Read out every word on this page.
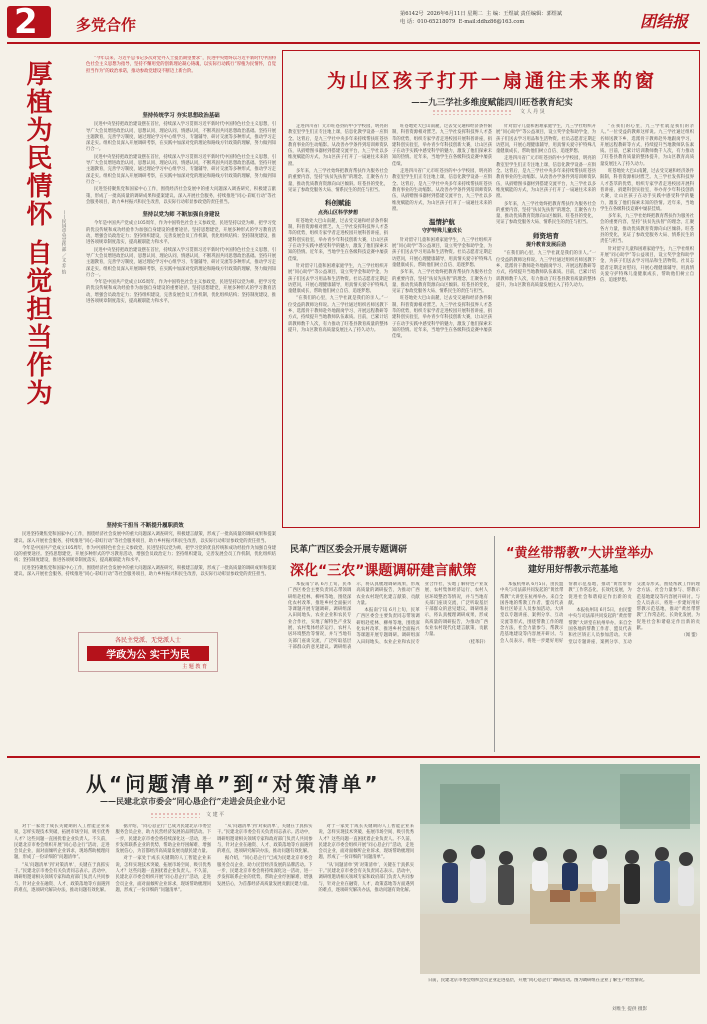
2	多党合作
第6142号 2026年6月11日 星期二 主 编：王煜斌 责任编辑：郭煜斌
电 话：010-65218079 E-mail:ddhz86@163.com	团结报
厚植为民情怀 自觉担当作为	——民进中央宣传部 ／文 乔 怡

“今年以来，习近平总书记多次对党外人士提出期望要求”，民进中央始终以习近平新时代中国特色社会主义思想为指导，坚持不懈用党的创新理论凝心铸魂，以实际行动践行“厚植为民情怀，自觉担当作为”的政治承诺，推动参政党建设不断迈上新台阶。

坚持传统学习 夯实思想政治基础

民进中央坚持把政治建设摆在首位，持续深入学习贯彻习近平新时代中国特色社会主义思想，引导广大会员增进政治认同、思想认同、理论认同、情感认同，不断巩固共同思想政治基础。坚持开展主题教育，完善学习制度，通过理论学习中心组学习、专题辅导、研讨交流等多种形式，推动学习走深走实。组织会员深入开展调研考察，在实践中加深对党的理论和路线方针政策的理解，努力做到知行合一。

民进中央坚持把政治建设摆在首位，持续深入学习贯彻习近平新时代中国特色社会主义思想，引导广大会员增进政治认同、思想认同、理论认同、情感认同，不断巩固共同思想政治基础。坚持开展主题教育，完善学习制度，通过理论学习中心组学习、专题辅导、研讨交流等多种形式，推动学习走深走实。组织会员深入开展调研考察，在实践中加深对党的理论和路线方针政策的理解，努力做到知行合一。

民进坚持聚焦党和国家中心工作，围绕经济社会发展中的重大问题深入调查研究，积极建言献策，形成了一批高质量的调研成果和提案建议。深入开展社会服务，持续推进“同心·彩虹行动”等社会服务项目，助力乡村振兴和民生改善，以实际行动彰显参政党的责任担当。

坚持以党为师 不断加强自身建设

今年是中国共产党成立105周年，作为中国特色社会主义参政党，民进坚持以党为师，把学习党的优良传统和成功经验作为加强自身建设的重要途径。坚持思想建党，开展多种形式的学习教育活动，增强会员政治定力；坚持组织建设，完善发展会员工作机制，优化组织结构；坚持制度建设，推进各项规章制度落实，提高履职能力和水平。

民进中央坚持把政治建设摆在首位，持续深入学习贯彻习近平新时代中国特色社会主义思想，引导广大会员增进政治认同、思想认同、理论认同、情感认同，不断巩固共同思想政治基础。坚持开展主题教育，完善学习制度，通过理论学习中心组学习、专题辅导、研讨交流等多种形式，推动学习走深走实。组织会员深入开展调研考察，在实践中加深对党的理论和路线方针政策的理解，努力做到知行合一。

今年是中国共产党成立105周年，作为中国特色社会主义参政党，民进坚持以党为师，把学习党的优良传统和成功经验作为加强自身建设的重要途径。坚持思想建党，开展多种形式的学习教育活动，增强会员政治定力；坚持组织建设，完善发展会员工作机制，优化组织结构；坚持制度建设，推进各项规章制度落实，提高履职能力和水平。

坚持实干担当 不断提升履职质效

民进坚持聚焦党和国家中心工作，围绕经济社会发展中的重大问题深入调查研究，积极建言献策，形成了一批高质量的调研成果和提案建议。深入开展社会服务，持续推进“同心·彩虹行动”等社会服务项目，助力乡村振兴和民生改善，以实际行动彰显参政党的责任担当。

今年是中国共产党成立105周年，作为中国特色社会主义参政党，民进坚持以党为师，把学习党的优良传统和成功经验作为加强自身建设的重要途径。坚持思想建党，开展多种形式的学习教育活动，增强会员政治定力；坚持组织建设，完善发展会员工作机制，优化组织结构；坚持制度建设，推进各项规章制度落实，提高履职能力和水平。

民进坚持聚焦党和国家中心工作，围绕经济社会发展中的重大问题深入调查研究，积极建言献策，形成了一批高质量的调研成果和提案建议。深入开展社会服务，持续推进“同心·彩虹行动”等社会服务项目，助力乡村振兴和民生改善，以实际行动彰显参政党的责任担当。

各民主党派、无党派人士
学政为公 实干为民
主 题 教 育
为山区孩子打开一扇通往未来的窗
——九三学社多维度赋能四川旺苍教育纪实
文 人 丹 炅

走进四川省广元市旺苍县的中小学校园，明亮的教室里学生们正专注地上课，信息化教学设备一应俱全。这背后，是九三学社中央多年来持续帮扶旺苍县教育事业的生动缩影。从改善办学条件到培训师资队伍，从捐赠图书器材到搭建交流平台，九三学社以多维度赋能的方式，为山区孩子打开了一扇通往未来的窗。

多年来，九三学社始终把教育帮扶作为服务社会的重要内容，坚持“扶贫先扶智”的理念，汇聚各方力量，推动优质教育资源向山区倾斜。旺苍县的变化，见证了参政党服务大局、情系民生的责任与担当。

科创赋能
点亮山区科学梦想

旺苍地处大巴山南麓，过去受交通和经济条件限制，科普资源相对匮乏。九三学社发挥科技界人才荟萃的优势，组织专家学者走进校园开展科普讲座，捐建科创实验室，举办青少年科技创新大赛，让山区孩子在动手实践中感受科学的魅力，激发了他们探索未知的热情。近年来，当地学生在各级科技竞赛中屡获佳绩。

针对留守儿童和困难家庭学生，九三学社组织开展“同心助学”等公益项目，设立奖学金和助学金，为孩子们送去学习用品和生活物资。社员志愿者定期走访慰问，开展心理健康辅导，用真情关爱守护特殊儿童健康成长，帮助他们树立自信、追逐梦想。

“在我们的心里，九三学社就是我们的亲人。”一位受益的教师这样说。九三学社通过组织名师送教下乡、选派骨干教师赴外地跟岗学习、开展远程教研等方式，持续提升当地教师队伍素质。目前，已累计培训教师数千人次，有力推动了旺苍县教育质量的整体提升，为山区教育高质量发展注入了持久动力。

旺苍地处大巴山南麓，过去受交通和经济条件限制，科普资源相对匮乏。九三学社发挥科技界人才荟萃的优势，组织专家学者走进校园开展科普讲座，捐建科创实验室，举办青少年科技创新大赛，让山区孩子在动手实践中感受科学的魅力，激发了他们探索未知的热情。近年来，当地学生在各级科技竞赛中屡获佳绩。

走进四川省广元市旺苍县的中小学校园，明亮的教室里学生们正专注地上课，信息化教学设备一应俱全。这背后，是九三学社中央多年来持续帮扶旺苍县教育事业的生动缩影。从改善办学条件到培训师资队伍，从捐赠图书器材到搭建交流平台，九三学社以多维度赋能的方式，为山区孩子打开了一扇通往未来的窗。

温情护航
守护特殊儿童成长

针对留守儿童和困难家庭学生，九三学社组织开展“同心助学”等公益项目，设立奖学金和助学金，为孩子们送去学习用品和生活物资。社员志愿者定期走访慰问，开展心理健康辅导，用真情关爱守护特殊儿童健康成长，帮助他们树立自信、追逐梦想。

多年来，九三学社始终把教育帮扶作为服务社会的重要内容，坚持“扶贫先扶智”的理念，汇聚各方力量，推动优质教育资源向山区倾斜。旺苍县的变化，见证了参政党服务大局、情系民生的责任与担当。

旺苍地处大巴山南麓，过去受交通和经济条件限制，科普资源相对匮乏。九三学社发挥科技界人才荟萃的优势，组织专家学者走进校园开展科普讲座，捐建科创实验室，举办青少年科技创新大赛，让山区孩子在动手实践中感受科学的魅力，激发了他们探索未知的热情。近年来，当地学生在各级科技竞赛中屡获佳绩。

针对留守儿童和困难家庭学生，九三学社组织开展“同心助学”等公益项目，设立奖学金和助学金，为孩子们送去学习用品和生活物资。社员志愿者定期走访慰问，开展心理健康辅导，用真情关爱守护特殊儿童健康成长，帮助他们树立自信、追逐梦想。

走进四川省广元市旺苍县的中小学校园，明亮的教室里学生们正专注地上课，信息化教学设备一应俱全。这背后，是九三学社中央多年来持续帮扶旺苍县教育事业的生动缩影。从改善办学条件到培训师资队伍，从捐赠图书器材到搭建交流平台，九三学社以多维度赋能的方式，为山区孩子打开了一扇通往未来的窗。

多年来，九三学社始终把教育帮扶作为服务社会的重要内容，坚持“扶贫先扶智”的理念，汇聚各方力量，推动优质教育资源向山区倾斜。旺苍县的变化，见证了参政党服务大局、情系民生的责任与担当。

师资培育
提升教育发展后劲

“在我们的心里，九三学社就是我们的亲人。”一位受益的教师这样说。九三学社通过组织名师送教下乡、选派骨干教师赴外地跟岗学习、开展远程教研等方式，持续提升当地教师队伍素质。目前，已累计培训教师数千人次，有力推动了旺苍县教育质量的整体提升，为山区教育高质量发展注入了持久动力。

“在我们的心里，九三学社就是我们的亲人。”一位受益的教师这样说。九三学社通过组织名师送教下乡、选派骨干教师赴外地跟岗学习、开展远程教研等方式，持续提升当地教师队伍素质。目前，已累计培训教师数千人次，有力推动了旺苍县教育质量的整体提升，为山区教育高质量发展注入了持久动力。

旺苍地处大巴山南麓，过去受交通和经济条件限制，科普资源相对匮乏。九三学社发挥科技界人才荟萃的优势，组织专家学者走进校园开展科普讲座，捐建科创实验室，举办青少年科技创新大赛，让山区孩子在动手实践中感受科学的魅力，激发了他们探索未知的热情。近年来，当地学生在各级科技竞赛中屡获佳绩。

多年来，九三学社始终把教育帮扶作为服务社会的重要内容，坚持“扶贫先扶智”的理念，汇聚各方力量，推动优质教育资源向山区倾斜。旺苍县的变化，见证了参政党服务大局、情系民生的责任与担当。

针对留守儿童和困难家庭学生，九三学社组织开展“同心助学”等公益项目，设立奖学金和助学金，为孩子们送去学习用品和生活物资。社员志愿者定期走访慰问，开展心理健康辅导，用真情关爱守护特殊儿童健康成长，帮助他们树立自信、追逐梦想。

民革广西区委会开展专题调研
深化“三农”课题调研建言献策

本报南宁讯 6月上旬，民革广西区委会主要负责同志带领调研组赴桂林、柳州等地，围绕深化农村改革、推进乡村全面振兴等课题开展专题调研。调研组深入田间地头、农业企业和农民专业合作社，实地了解特色产业发展、农村集体经济运行、农村人居环境整治等情况，并与当地有关部门座谈交流，广泛听取基层干部群众的意见建议。调研组表示，将认真梳理调研成果，形成高质量的调研报告，为推动广西农业农村现代化建言献策、贡献力量。

本报南宁讯 6月上旬，民革广西区委会主要负责同志带领调研组赴桂林、柳州等地，围绕深化农村改革、推进乡村全面振兴等课题开展专题调研。调研组深入田间地头、农业企业和农民专业合作社，实地了解特色产业发展、农村集体经济运行、农村人居环境整治等情况，并与当地有关部门座谈交流，广泛听取基层干部群众的意见建议。调研组表示，将认真梳理调研成果，形成高质量的调研报告，为推动广西农业农村现代化建言献策、贡献力量。

（桂革轩）

“黄丝带帮教”大讲堂举办
建好用好帮教示范基地

本报杭州讯 6月5日，由民盟中央与司法部共同发起的“黄丝带帮教”大讲堂在杭州举办。来自全国各地的帮教工作者、盟员代表和社区矫正人员参加活动。大讲堂以专题讲座、案例分享、互动交流等形式，围绕帮教工作的理念方法、社会力量参与、帮教示范基地建设等内容展开研讨。与会人员表示，将进一步建好用好帮教示范基地，推动“黄丝带帮教”工作常态化、长效化发展，为促进社会和谐稳定作出新的贡献。

本报杭州讯 6月5日，由民盟中央与司法部共同发起的“黄丝带帮教”大讲堂在杭州举办。来自全国各地的帮教工作者、盟员代表和社区矫正人员参加活动。大讲堂以专题讲座、案例分享、互动交流等形式，围绕帮教工作的理念方法、社会力量参与、帮教示范基地建设等内容展开研讨。与会人员表示，将进一步建好用好帮教示范基地，推动“黄丝带帮教”工作常态化、长效化发展，为促进社会和谐稳定作出新的贡献。

（闻 盟）

从“问题清单”到“对策清单”
——民建北京市委会“同心恳企行”走进会员企业小记
文 建 平

对于一家处于成长关键期的人工智能企业来说，怎样实现技术突破、拓展市场空间、吸引优秀人才？这些问题一直困扰着企业负责人。不久前，民建北京市委会组织开展“同心恳企行”活动，走进会员企业，面对面倾听企业诉求，现场帮助梳理问题，形成了一份详细的“问题清单”。

“从‘问题清单’到‘对策清单’，关键在于真抓实干。”民建北京市委会有关负责同志表示。活动中，调研组邀请相关领域专家和政府部门负责人共同参与，针对企业在融资、人才、政策落地等方面遇到的难点，逐项研究解决办法，推动问题有效化解。

据介绍，“同心恳企行”已成为民建北京市委会服务会员企业、助力民营经济发展的品牌活动。下一步，民建北京市委会将持续深化这一活动，进一步发挥联系企业的优势，帮助企业纾困解难、增强发展信心，为首都经济高质量发展贡献民建力量。

对于一家处于成长关键期的人工智能企业来说，怎样实现技术突破、拓展市场空间、吸引优秀人才？这些问题一直困扰着企业负责人。不久前，民建北京市委会组织开展“同心恳企行”活动，走进会员企业，面对面倾听企业诉求，现场帮助梳理问题，形成了一份详细的“问题清单”。

“从‘问题清单’到‘对策清单’，关键在于真抓实干。”民建北京市委会有关负责同志表示。活动中，调研组邀请相关领域专家和政府部门负责人共同参与，针对企业在融资、人才、政策落地等方面遇到的难点，逐项研究解决办法，推动问题有效化解。

据介绍，“同心恳企行”已成为民建北京市委会服务会员企业、助力民营经济发展的品牌活动。下一步，民建北京市委会将持续深化这一活动，进一步发挥联系企业的优势，帮助企业纾困解难、增强发展信心，为首都经济高质量发展贡献民建力量。

对于一家处于成长关键期的人工智能企业来说，怎样实现技术突破、拓展市场空间、吸引优秀人才？这些问题一直困扰着企业负责人。不久前，民建北京市委会组织开展“同心恳企行”活动，走进会员企业，面对面倾听企业诉求，现场帮助梳理问题，形成了一份详细的“问题清单”。

“从‘问题清单’到‘对策清单’，关键在于真抓实干。”民建北京市委会有关负责同志表示。活动中，调研组邀请相关领域专家和政府部门负责人共同参与，针对企业在融资、人才、政策落地等方面遇到的难点，逐项研究解决办法，推动问题有效化解。

日前，民建北京市委会组织会员企业走进基层，开展“同心恳企行”调研活动。图为调研组在企业了解生产经营情况。

刘维生 提供 摄影
